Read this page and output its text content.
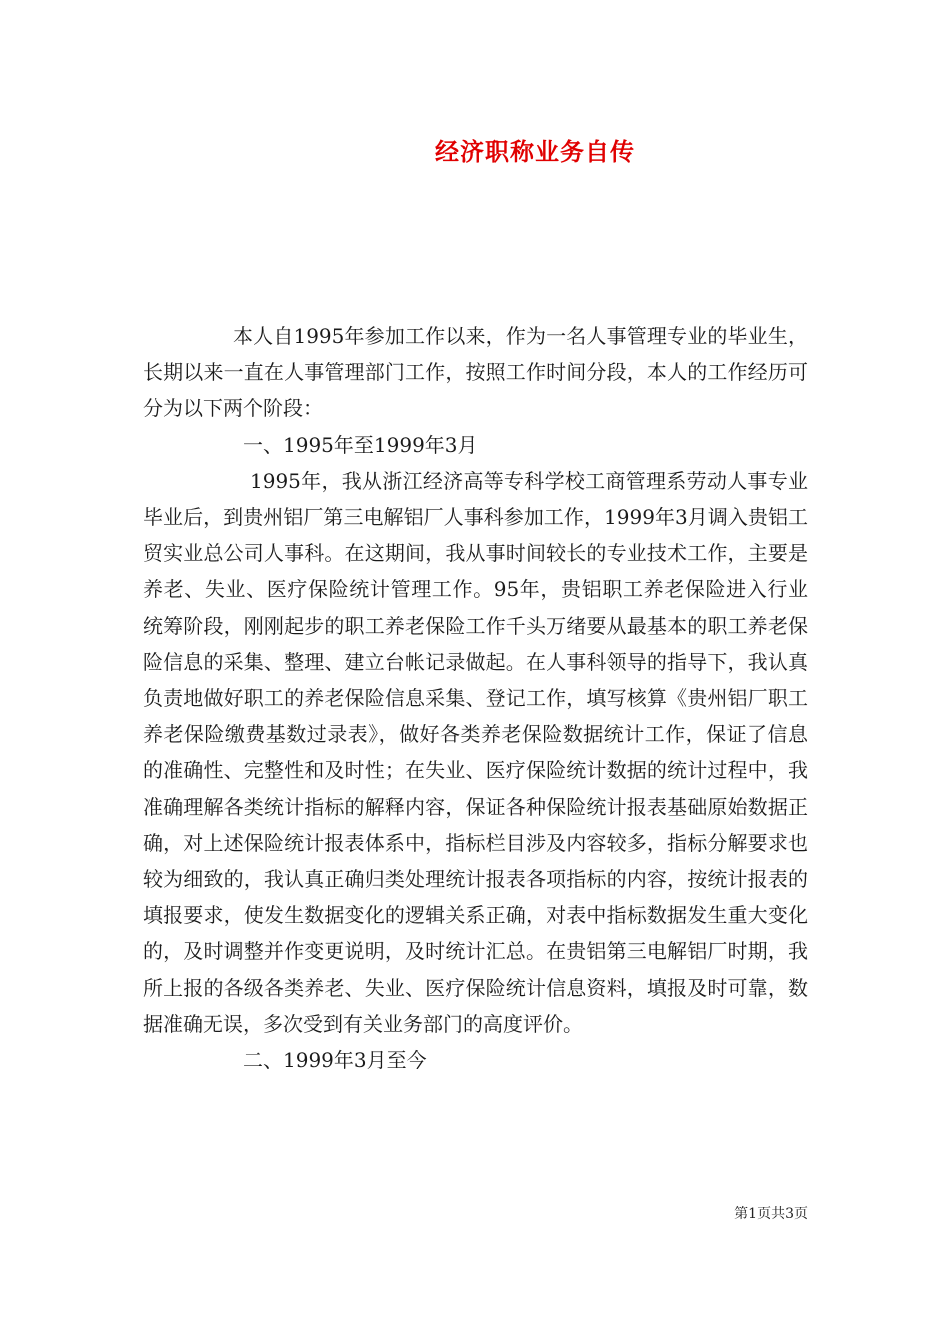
经济职称业务自传

本人自1995年参加工作以来，作为一名人事管理专业的毕业生，长期以来一直在人事管理部门工作，按照工作时间分段，本人的工作经历可分为以下两个阶段：

一、1995年至1999年3月

1995年，我从浙江经济高等专科学校工商管理系劳动人事专业毕业后，到贵州铝厂第三电解铝厂人事科参加工作，1999年3月调入贵铝工贸实业总公司人事科。在这期间，我从事时间较长的专业技术工作，主要是养老、失业、医疗保险统计管理工作。95年，贵铝职工养老保险进入行业统筹阶段，刚刚起步的职工养老保险工作千头万绪要从最基本的职工养老保险信息的采集、整理、建立台帐记录做起。在人事科领导的指导下，我认真负责地做好职工的养老保险信息采集、登记工作，填写核算《贵州铝厂职工养老保险缴费基数过录表》，做好各类养老保险数据统计工作，保证了信息的准确性、完整性和及时性；在失业、医疗保险统计数据的统计过程中，我准确理解各类统计指标的解释内容，保证各种保险统计报表基础原始数据正确，对上述保险统计报表体系中，指标栏目涉及内容较多，指标分解要求也较为细致的，我认真正确归类处理统计报表各项指标的内容，按统计报表的填报要求，使发生数据变化的逻辑关系正确，对表中指标数据发生重大变化的，及时调整并作变更说明，及时统计汇总。在贵铝第三电解铝厂时期，我所上报的各级各类养老、失业、医疗保险统计信息资料，填报及时可靠，数据准确无误，多次受到有关业务部门的高度评价。

二、1999年3月至今

第1页共3页
